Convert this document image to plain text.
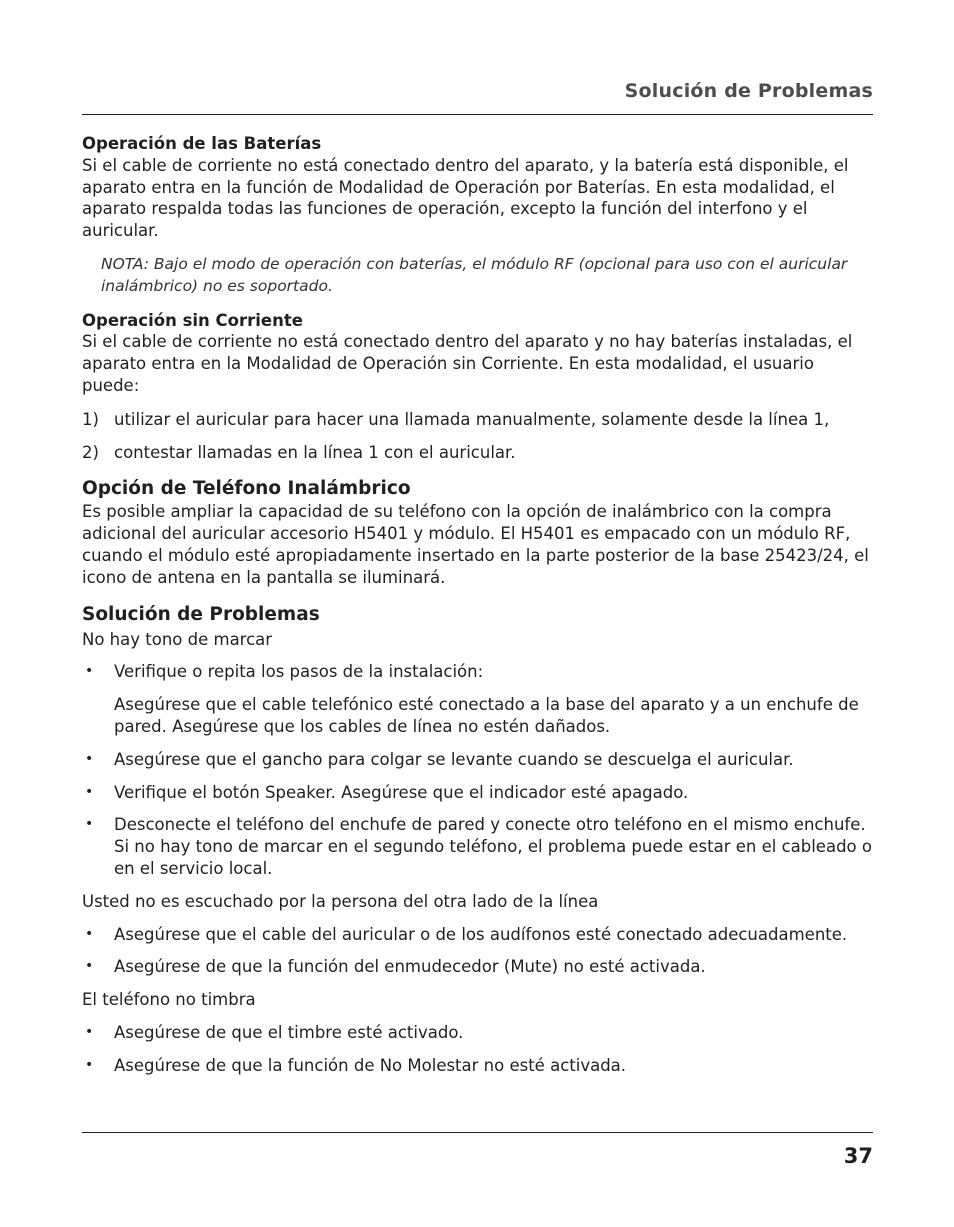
Solución de Problemas

Operación de las Baterías

Si el cable de corriente no está conectado dentro del aparato, y la batería está disponible, el aparato entra en la función de Modalidad de Operación por Baterías. En esta modalidad, el aparato respalda todas las funciones de operación, excepto la función del interfono y el auricular.

NOTA: Bajo el modo de operación con baterías, el módulo RF (opcional para uso con el auricular inalámbrico) no es soportado.

Operación sin Corriente

Si el cable de corriente no está conectado dentro del aparato y no hay baterías instaladas, el aparato entra en la Modalidad de Operación sin Corriente. En esta modalidad, el usuario puede:

1) utilizar el auricular para hacer una llamada manualmente, solamente desde la línea 1,
2) contestar llamadas en la línea 1 con el auricular.

Opción de Teléfono Inalámbrico

Es posible ampliar la capacidad de su teléfono con la opción de inalámbrico con la compra adicional del auricular accesorio H5401 y módulo. El H5401 es empacado con un módulo RF, cuando el módulo esté apropiadamente insertado en la parte posterior de la base 25423/24, el icono de antena en la pantalla se iluminará.

Solución de Problemas

No hay tono de marcar

• Verifique o repita los pasos de la instalación:

Asegúrese que el cable telefónico esté conectado a la base del aparato y a un enchufe de pared. Asegúrese que los cables de línea no estén dañados.

• Asegúrese que el gancho para colgar se levante cuando se descuelga el auricular.
• Verifique el botón Speaker. Asegúrese que el indicador esté apagado.
• Desconecte el teléfono del enchufe de pared y conecte otro teléfono en el mismo enchufe. Si no hay tono de marcar en el segundo teléfono, el problema puede estar en el cableado o en el servicio local.

Usted no es escuchado por la persona del otra lado de la línea

• Asegúrese que el cable del auricular o de los audífonos esté conectado adecuadamente.
• Asegúrese de que la función del enmudecedor (Mute) no esté activada.

El teléfono no timbra

• Asegúrese de que el timbre esté activado.
• Asegúrese de que la función de No Molestar no esté activada.
37
